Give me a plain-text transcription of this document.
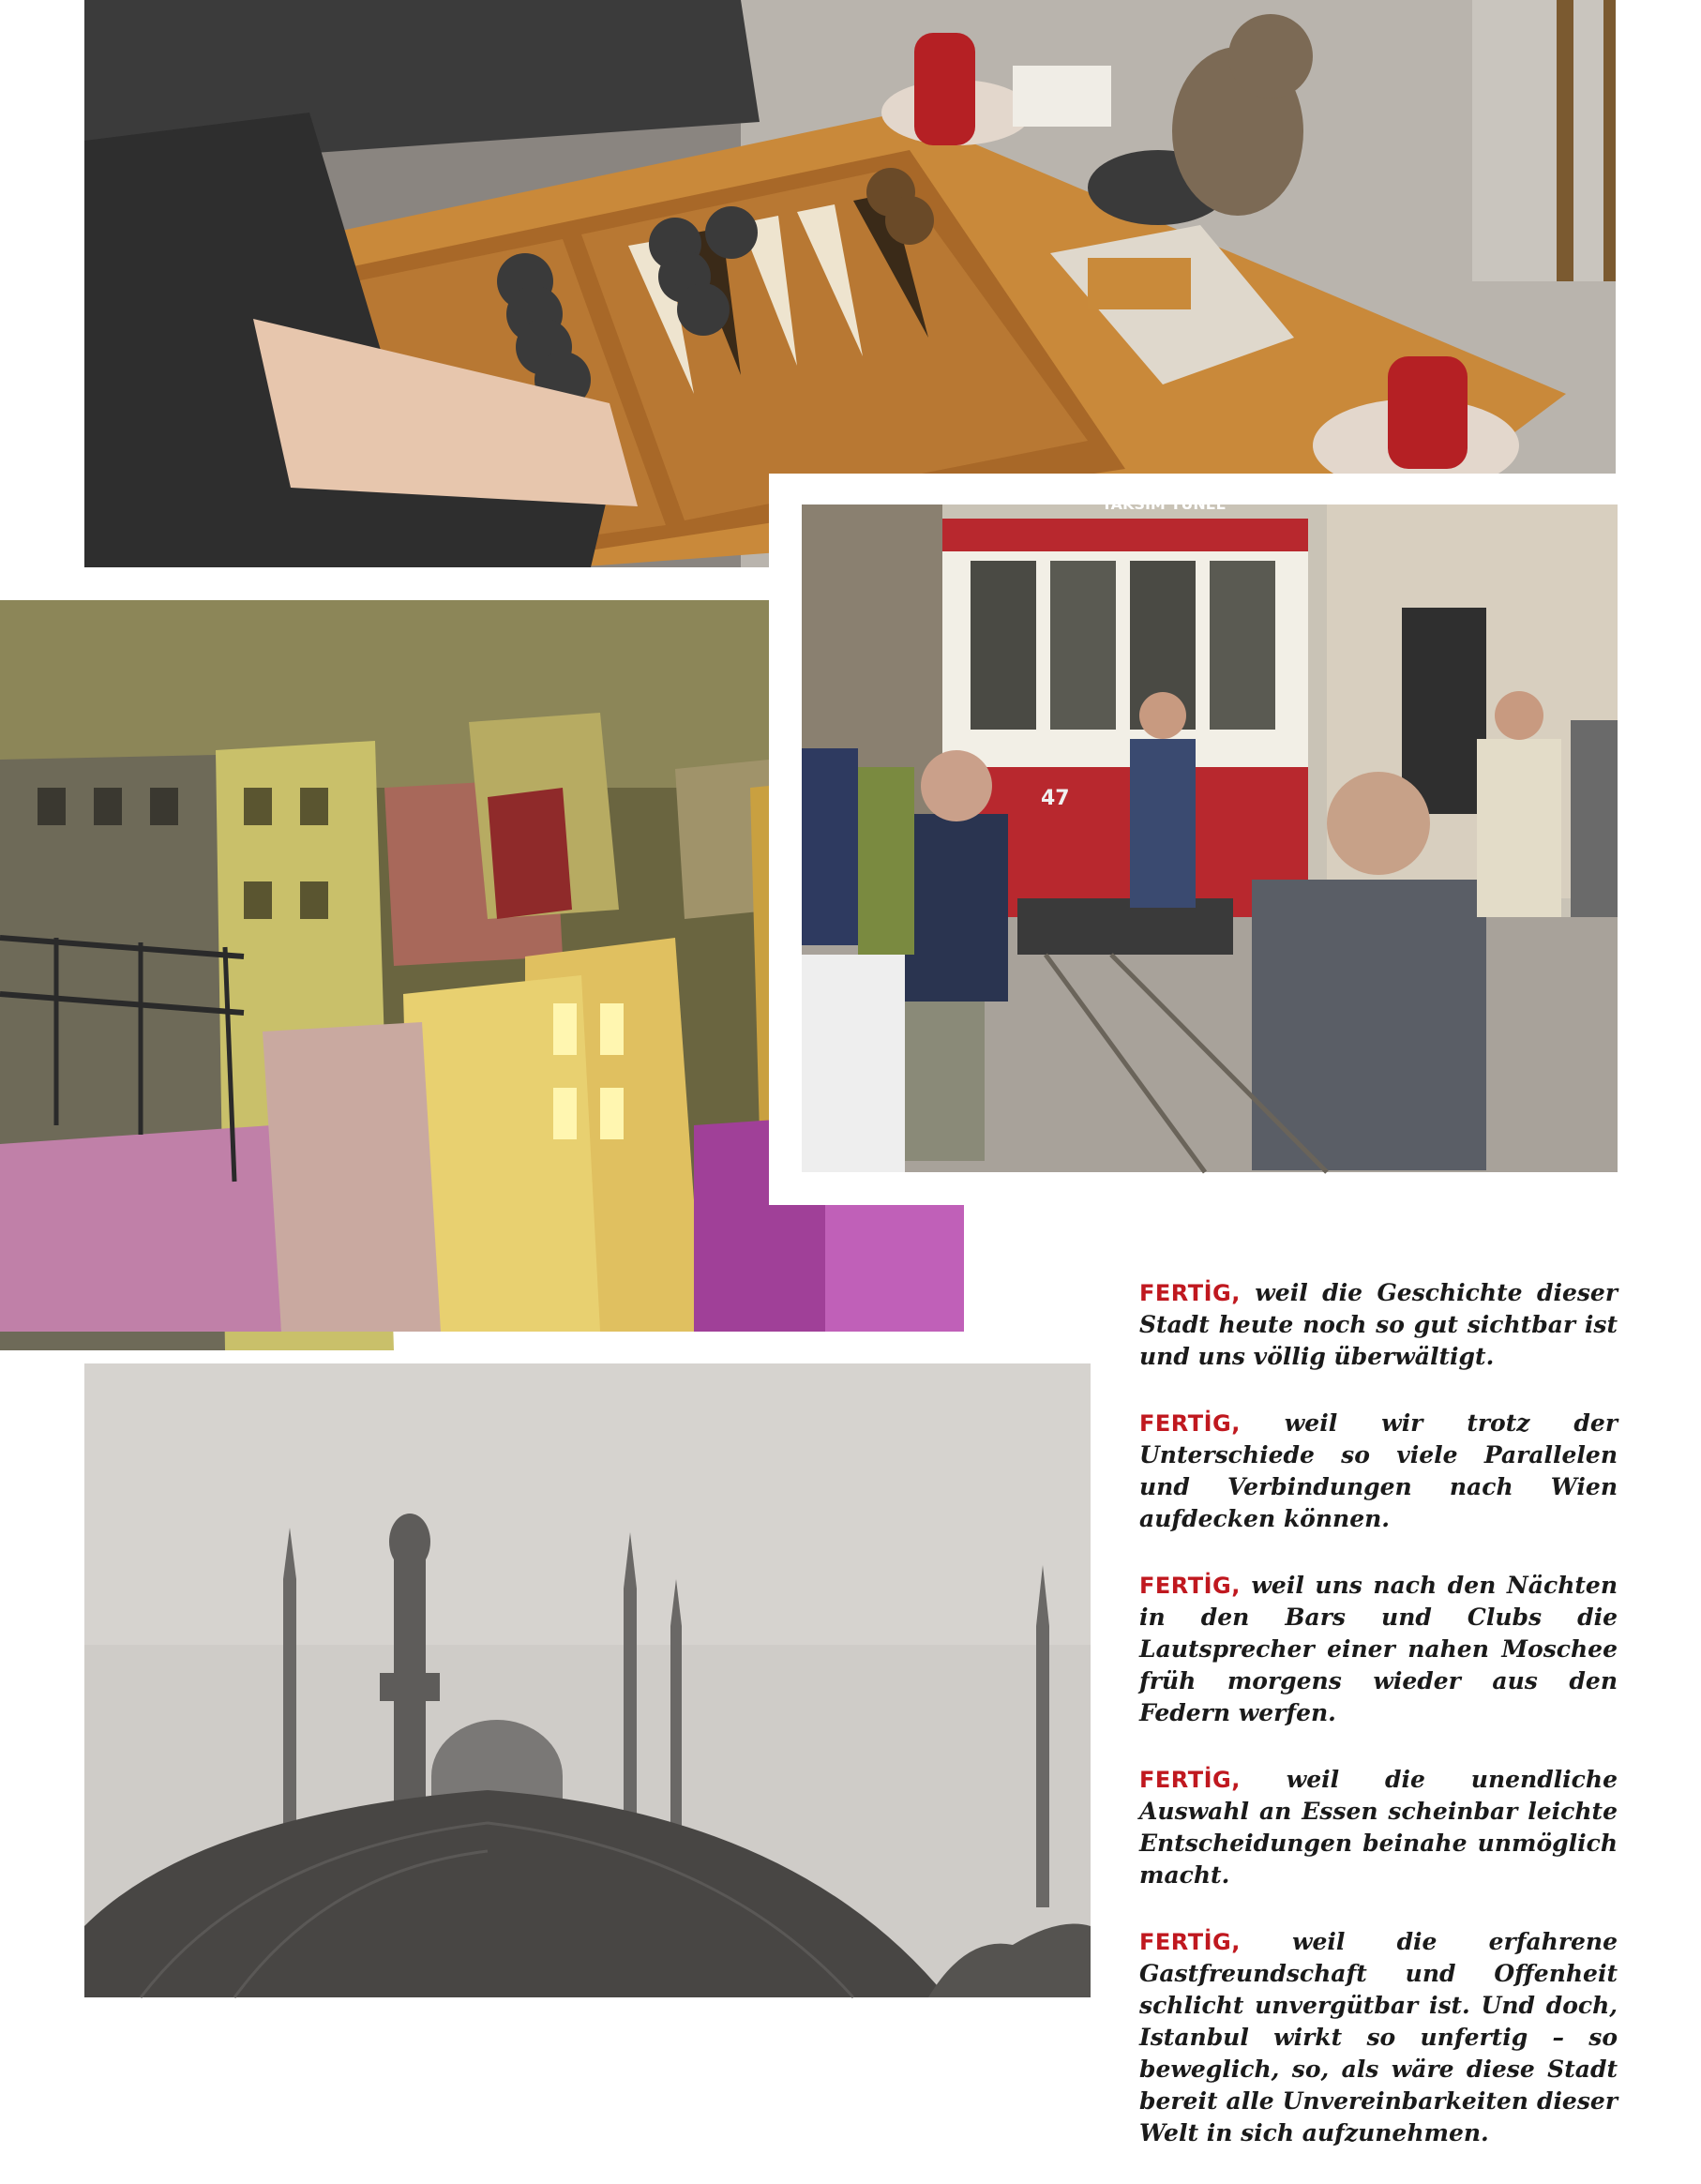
TAKSIM TÜNEL
47

FERTİG, weil die Geschichte dieser Stadt heute noch so gut sichtbar ist und uns völlig überwältigt.

FERTİG, weil wir trotz der Unterschiede so viele Parallelen und Verbindungen nach Wien aufdecken können.

FERTİG, weil uns nach den Nächten in den Bars und Clubs die Lautsprecher einer nahen Moschee früh morgens wieder aus den Federn werfen.

FERTİG, weil die unendliche Auswahl an Essen scheinbar leichte Entscheidungen beinahe unmöglich macht.

FERTİG, weil die erfahrene Gastfreundschaft und Offenheit schlicht unvergütbar ist. Und doch, Istanbul wirkt so unfertig – so beweglich, so, als wäre diese Stadt bereit alle Unvereinbarkeiten dieser Welt in sich aufzunehmen.
